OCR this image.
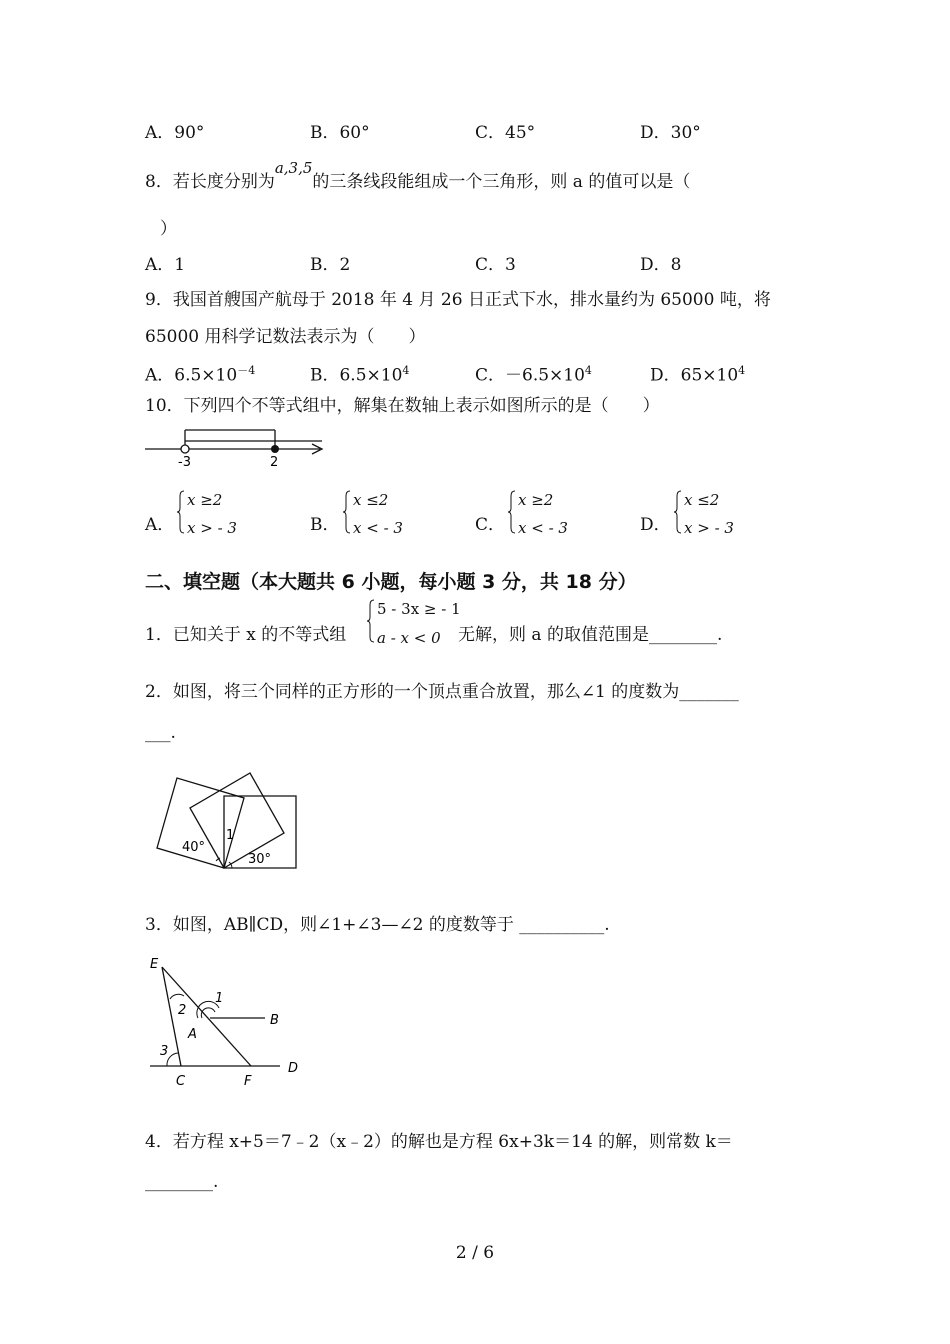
A．90°	B．60°	C．45°	D．30°
8．若长度分别为a,3,5的三条线段能组成一个三角形，则 a 的值可以是（
）
A．1	B．2	C．3	D．8
9．我国首艘国产航母于 2018 年 4 月 26 日正式下水，排水量约为 65000 吨，将
65000 用科学记数法表示为（　　）
A．$6.5\times 10^{-4}$	B．$6.5\times 10^4$	C．$-6.5\times 10^4$	D．$65\times 10^4$
10．下列四个不等式组中，解集在数轴上表示如图所示的是（　　）
-3	2
A．
x ≥2
x > - 3	B．
x ≤2
x < - 3	C．
x ≥2
x < - 3	D．
x ≤2
x > - 3
二、填空题（本大题共 6 小题，每小题 3 分，共 18 分）
1．已知关于 x 的不等式组
5 - 3x ≥ - 1
a - x < 0 无解，则 a 的取值范围是________.
2．如图，将三个同样的正方形的一个顶点重合放置，那么∠1 的度数为_______
___.
40°
1
30°
3．如图，AB∥CD，则∠1+∠3—∠2 的度数等于 __________.
E
2
1
A
B
3
C	F
D
4．若方程 x+5＝7﹣2（x﹣2）的解也是方程 6x+3k＝14 的解，则常数 k＝
________.
2 / 6
